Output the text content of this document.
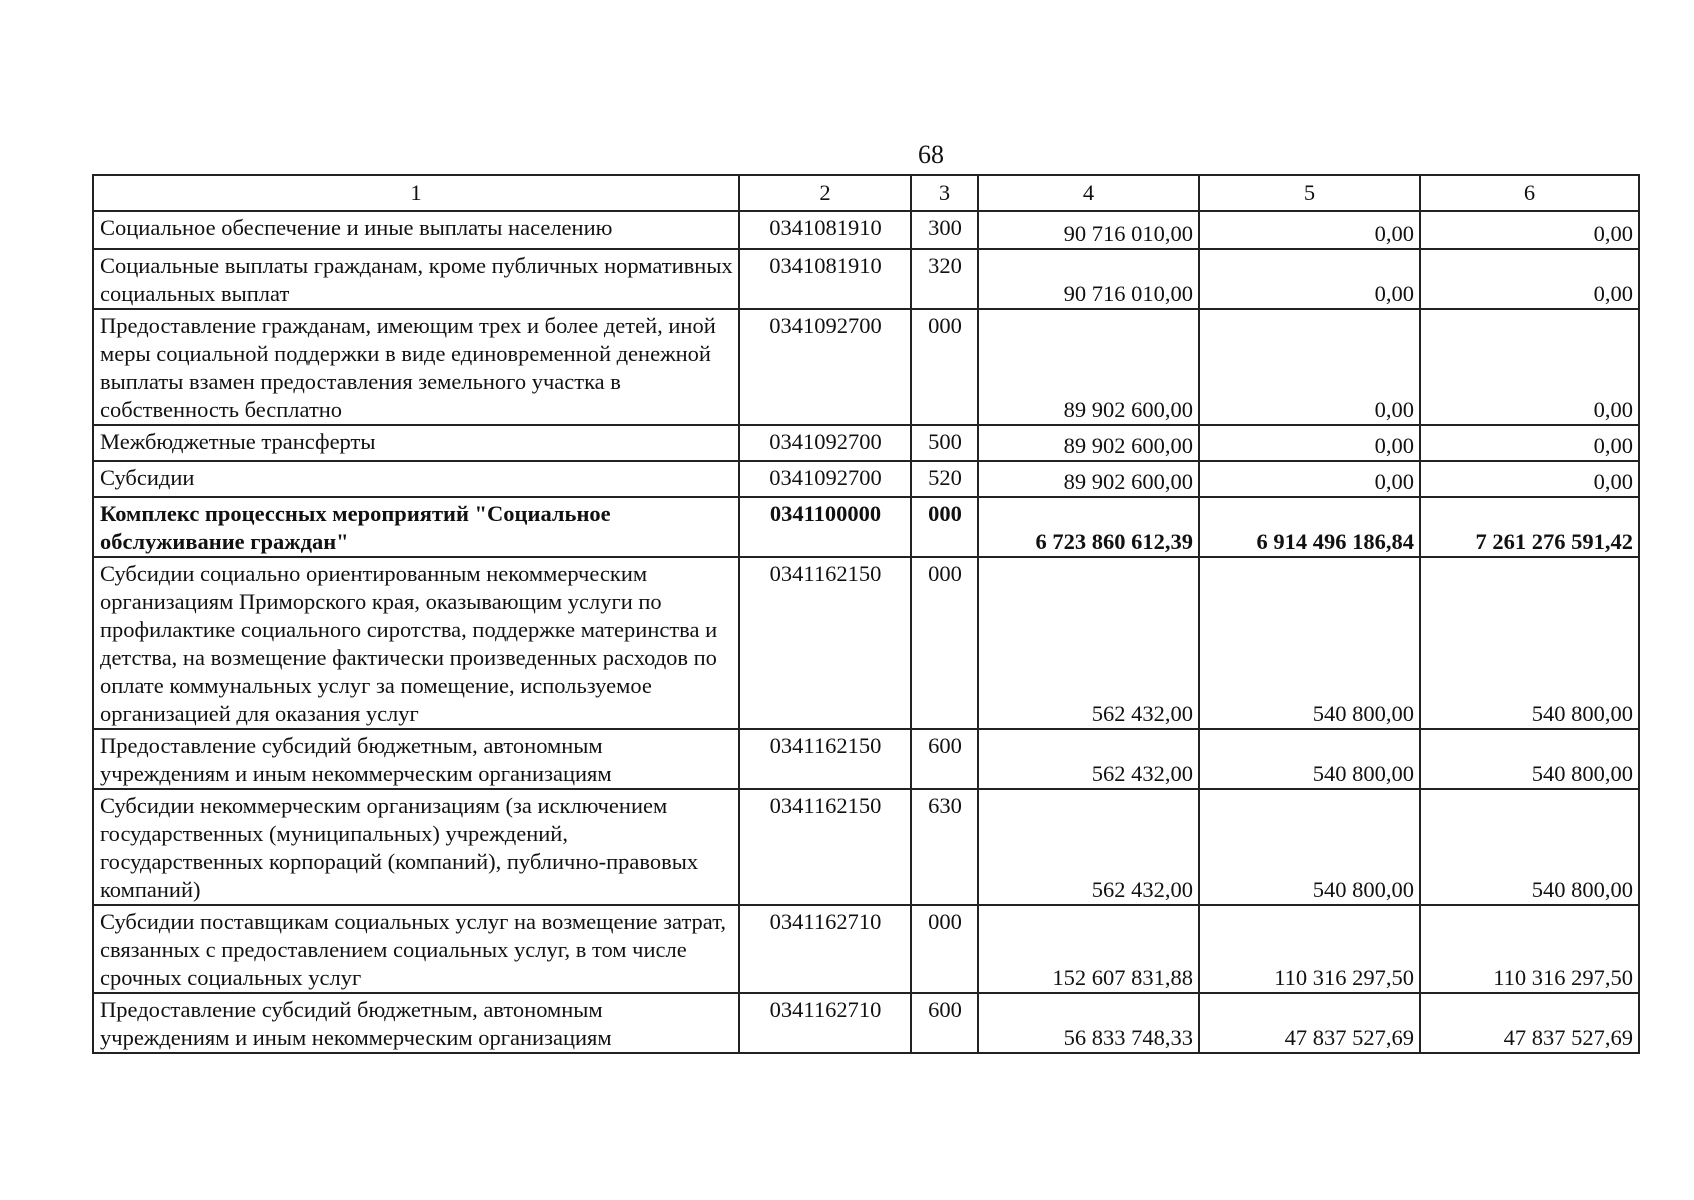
68
1	2	3	4	5	6
Социальное обеспечение и иные выплаты населению	0341081910	300	90 716 010,00	0,00	0,00
Социальные выплаты гражданам, кроме публичных нормативных социальных выплат	0341081910	320	90 716 010,00	0,00	0,00
Предоставление гражданам, имеющим трех и более детей, иной меры социальной поддержки в виде единовременной денежной выплаты взамен предоставления земельного участка в собственность бесплатно	0341092700	000	89 902 600,00	0,00	0,00
Межбюджетные трансферты	0341092700	500	89 902 600,00	0,00	0,00
Субсидии	0341092700	520	89 902 600,00	0,00	0,00
Комплекс процессных мероприятий "Социальное обслуживание граждан"	0341100000	000	6 723 860 612,39	6 914 496 186,84	7 261 276 591,42
Субсидии социально ориентированным некоммерческим организациям Приморского края, оказывающим услуги по профилактике социального сиротства, поддержке материнства и детства, на возмещение фактически произведенных расходов по оплате коммунальных услуг за помещение, используемое организацией для оказания услуг	0341162150	000	562 432,00	540 800,00	540 800,00
Предоставление субсидий бюджетным, автономным учреждениям и иным некоммерческим организациям	0341162150	600	562 432,00	540 800,00	540 800,00
Субсидии некоммерческим организациям (за исключением государственных (муниципальных) учреждений, государственных корпораций (компаний), публично-правовых компаний)	0341162150	630	562 432,00	540 800,00	540 800,00
Субсидии поставщикам социальных услуг на возмещение затрат, связанных с предоставлением социальных услуг, в том числе срочных социальных услуг	0341162710	000	152 607 831,88	110 316 297,50	110 316 297,50
Предоставление субсидий бюджетным, автономным учреждениям и иным некоммерческим организациям	0341162710	600	56 833 748,33	47 837 527,69	47 837 527,69
